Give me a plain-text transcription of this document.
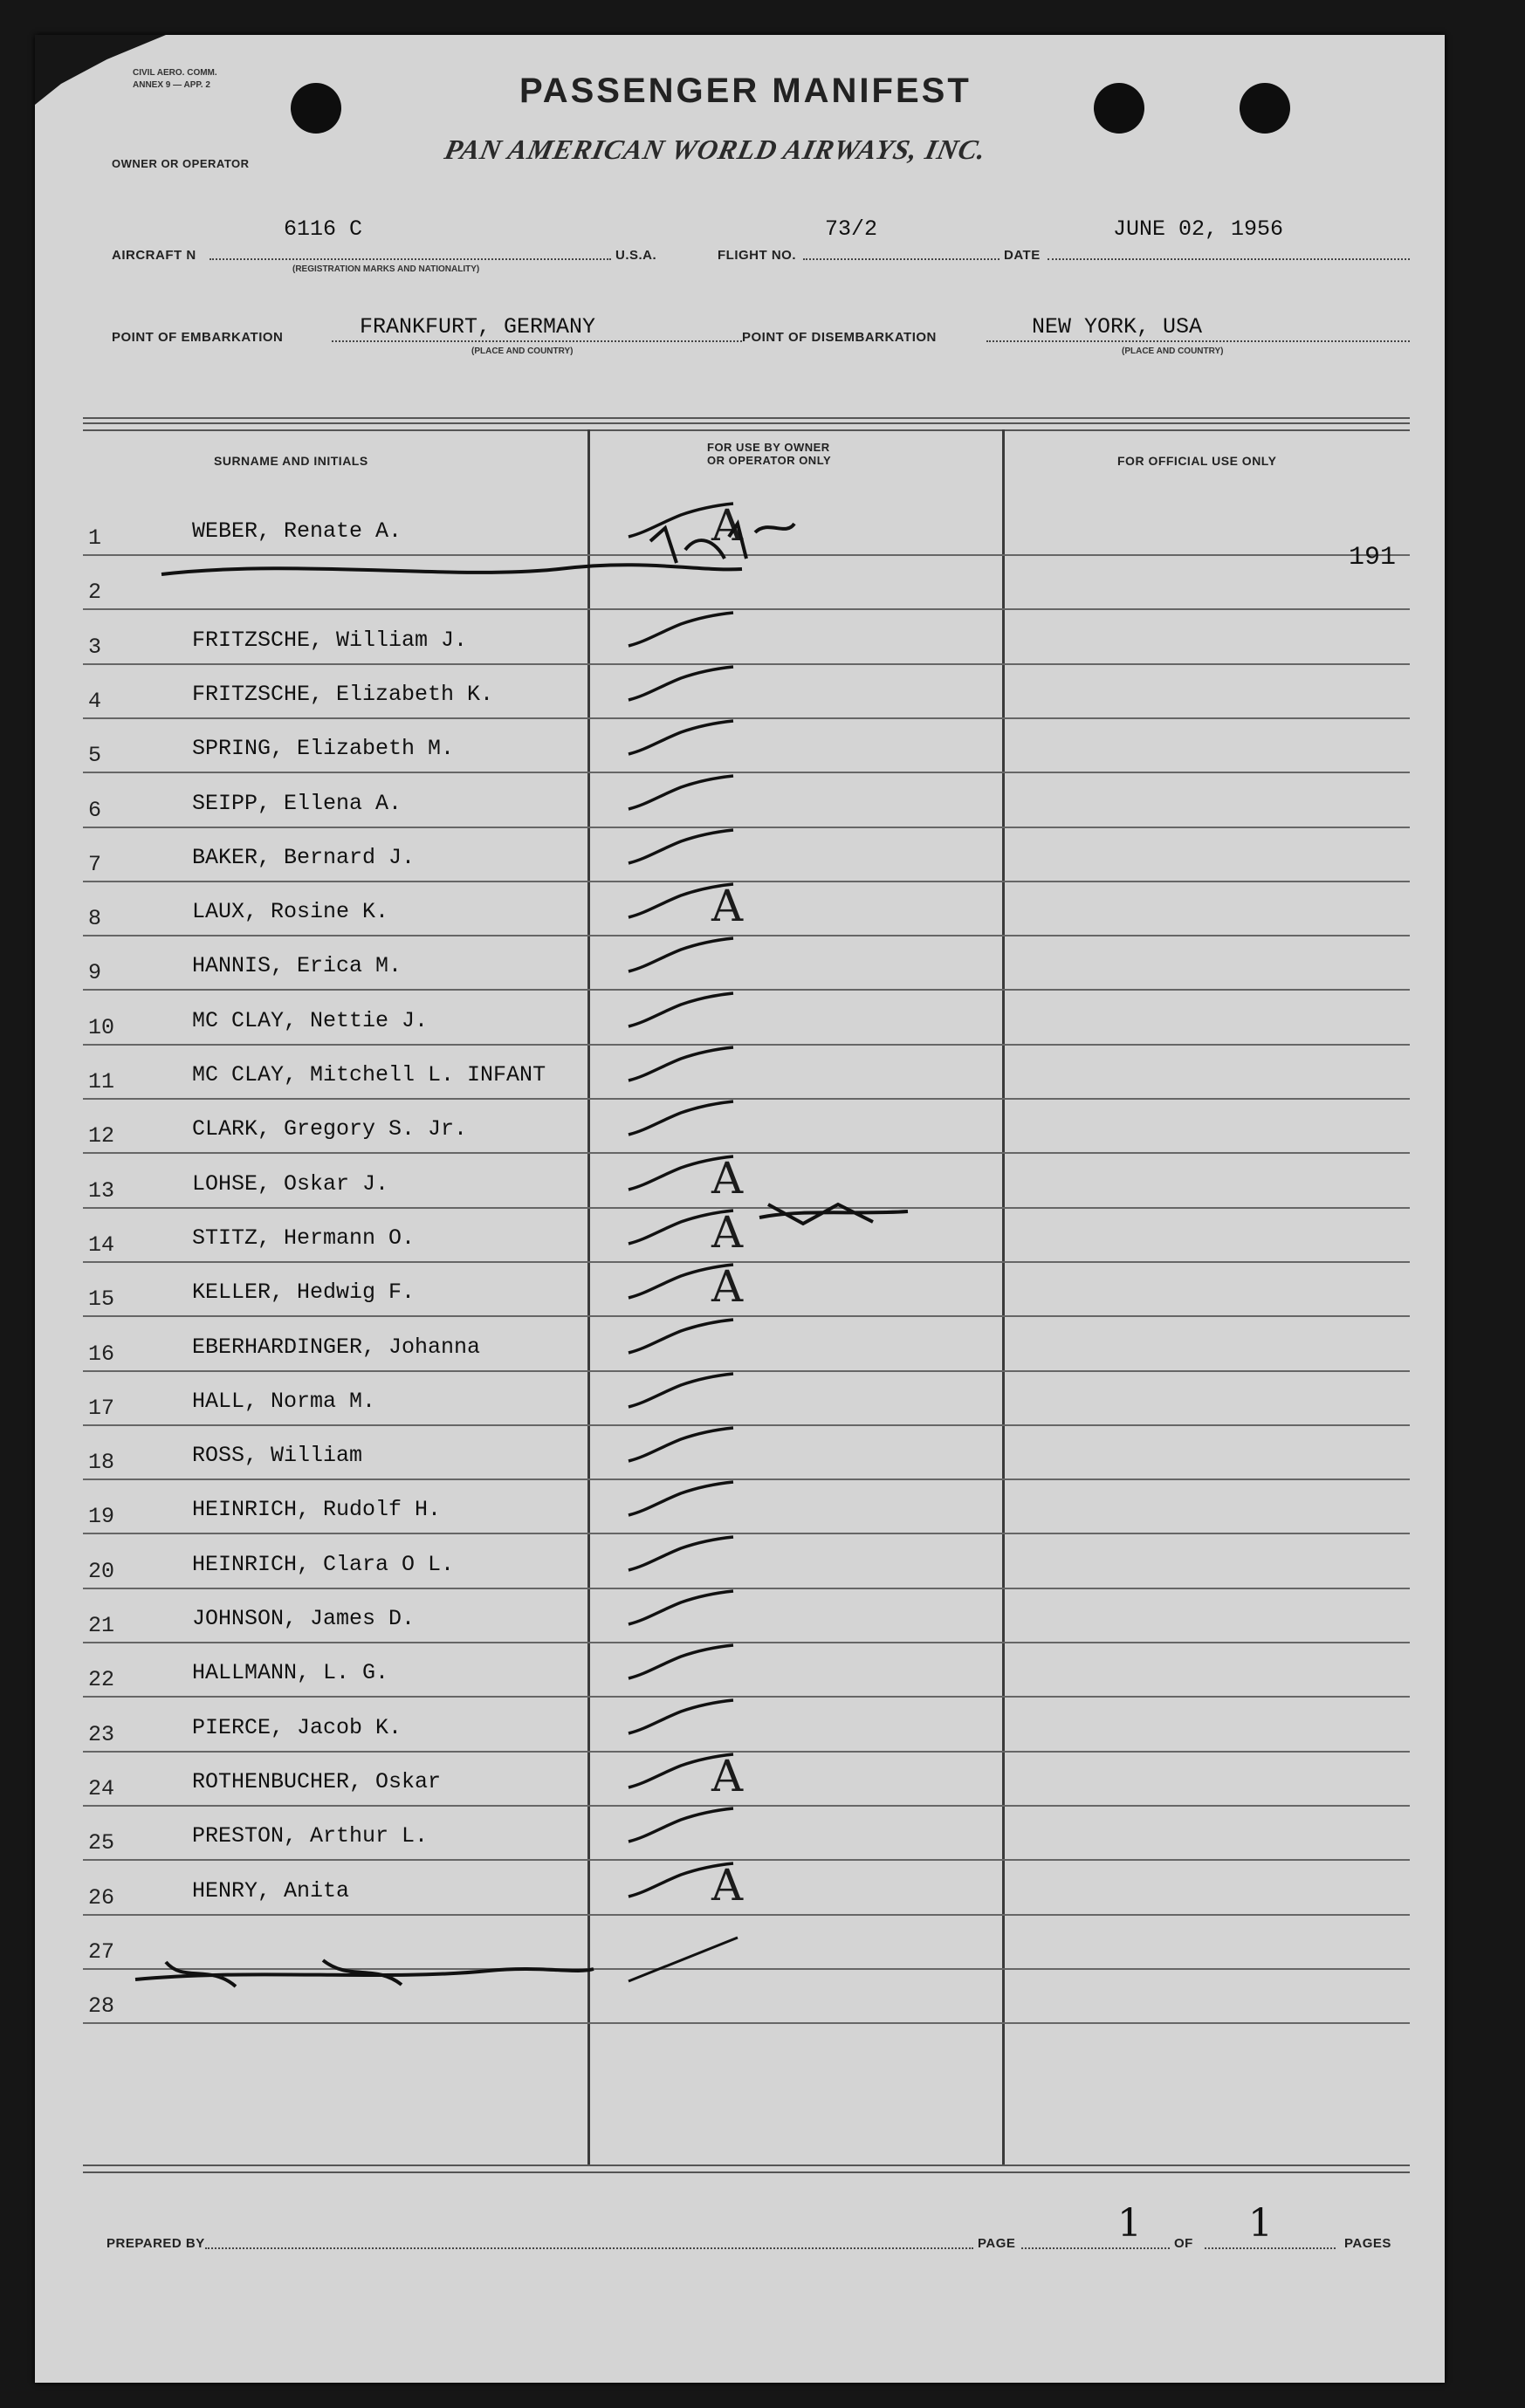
CIVIL AERO. COMM.
ANNEX 9 — APP. 2	PASSENGER MANIFEST
PAN AMERICAN WORLD AIRWAYS, INC.
OWNER OR OPERATOR
AIRCRAFT N
6116 C
(REGISTRATION MARKS AND NATIONALITY)
U.S.A.	FLIGHT NO.
73/2
DATE
JUNE 02, 1956
POINT OF EMBARKATION	FRANKFURT, GERMANY
(PLACE AND COUNTRY)
POINT OF DISEMBARKATION	NEW YORK, USA
(PLACE AND COUNTRY)
SURNAME AND INITIALS
FOR USE BY OWNER
OR OPERATOR ONLY	FOR OFFICIAL USE ONLY
1	WEBER, Renate A.	A
2
3	FRITZSCHE, William J.
4	FRITZSCHE, Elizabeth K.
5	SPRING, Elizabeth M.
6	SEIPP, Ellena A.
7	BAKER, Bernard J.
8	LAUX, Rosine K.	A
9	HANNIS, Erica M.
10	MC CLAY, Nettie J.
11	MC CLAY, Mitchell L. INFANT
12	CLARK, Gregory S. Jr.
13	LOHSE, Oskar J.	A
14	STITZ, Hermann O.	A
15	KELLER, Hedwig F.	A
16	EBERHARDINGER, Johanna
17	HALL, Norma M.
18	ROSS, William
19	HEINRICH, Rudolf H.
20	HEINRICH, Clara O L.
21	JOHNSON, James D.
22	HALLMANN, L. G.
23	PIERCE, Jacob K.
24	ROTHENBUCHER, Oskar	A
25	PRESTON, Arthur L.
26	HENRY, Anita	A
27
28
191
PREPARED BY	PAGE	1 OF 1	PAGES
